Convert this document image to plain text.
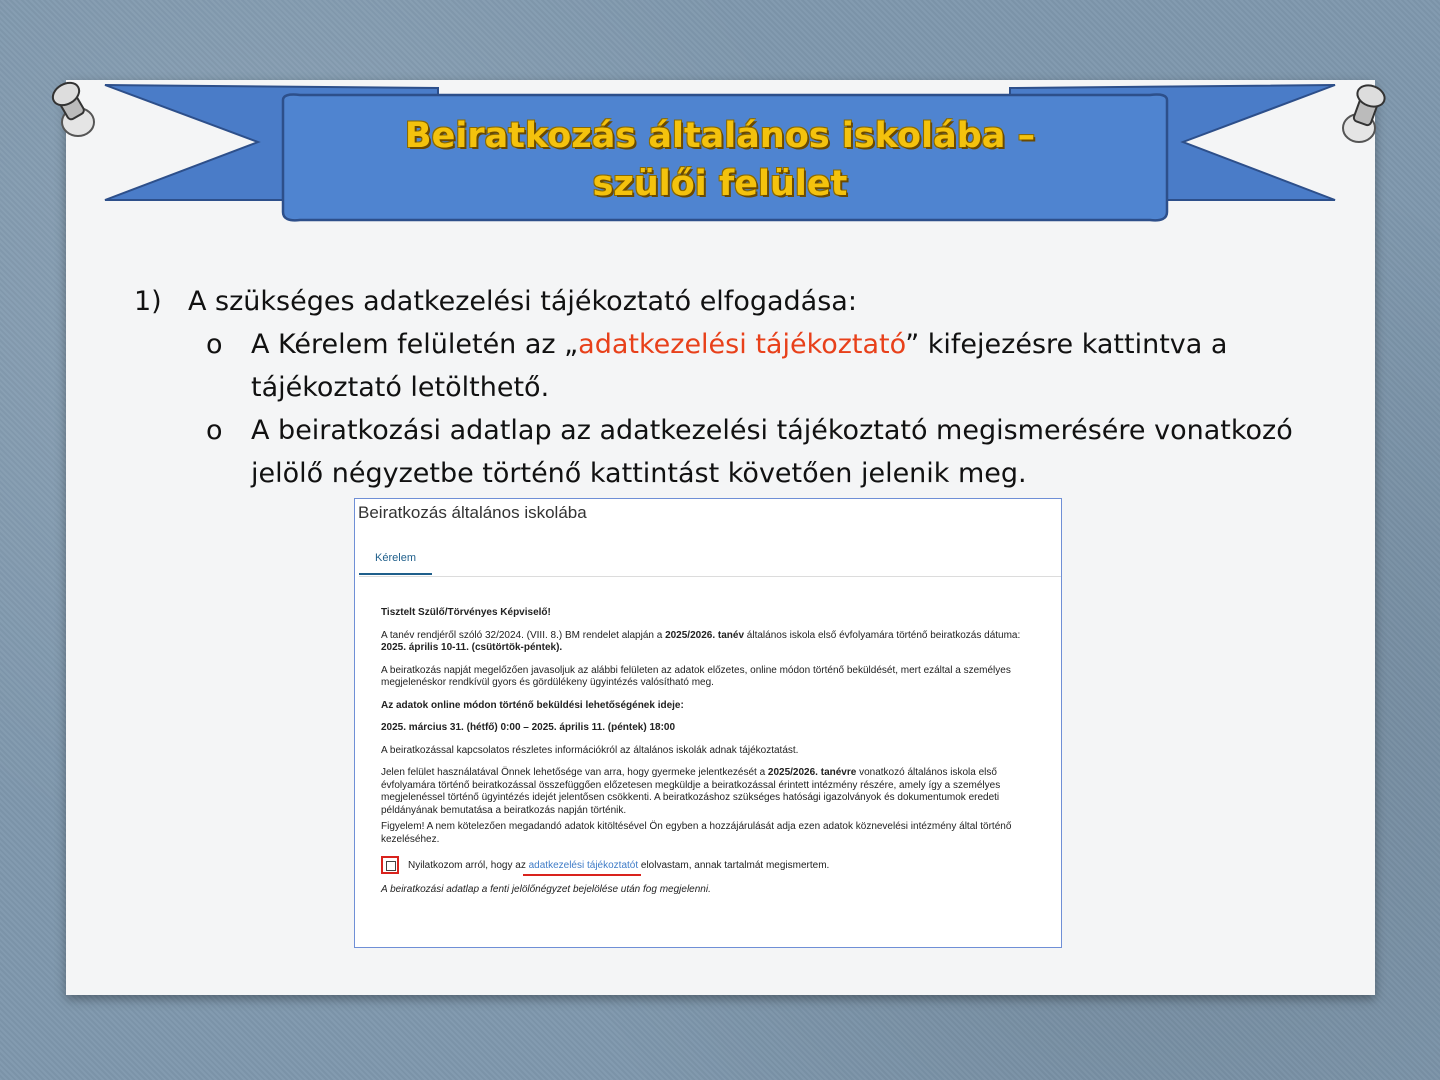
Beiratkozás általános iskolába –
szülői felület
1) A szükséges adatkezelési tájékoztató elfogadása:
o A Kérelem felületén az „adatkezelési tájékoztató” kifejezésre kattintva a tájékoztató letölthető.
o A beiratkozási adatlap az adatkezelési tájékoztató megismerésére vonatkozó jelölő négyzetbe történő kattintást követően jelenik meg.
Beiratkozás általános iskolába
Kérelem

Tisztelt Szülő/Törvényes Képviselő!

A tanév rendjéről szóló 32/2024. (VIII. 8.) BM rendelet alapján a 2025/2026. tanév általános iskola első évfolyamára történő beiratkozás dátuma: 2025. április 10-11. (csütörtök-péntek).

A beiratkozás napját megelőzően javasoljuk az alábbi felületen az adatok előzetes, online módon történő beküldését, mert ezáltal a személyes megjelenéskor rendkívül gyors és gördülékeny ügyintézés valósítható meg.

Az adatok online módon történő beküldési lehetőségének ideje:

2025. március 31. (hétfő) 0:00 – 2025. április 11. (péntek) 18:00

A beiratkozással kapcsolatos részletes információkról az általános iskolák adnak tájékoztatást.

Jelen felület használatával Önnek lehetősége van arra, hogy gyermeke jelentkezését a 2025/2026. tanévre vonatkozó általános iskola első évfolyamára történő beiratkozással összefüggően előzetesen megküldje a beiratkozással érintett intézmény részére, amely így a személyes megjelenéssel történő ügyintézés idejét jelentősen csökkenti. A beiratkozáshoz szükséges hatósági igazolványok és dokumentumok eredeti példányának bemutatása a beiratkozás napján történik.

Figyelem! A nem kötelezően megadandó adatok kitöltésével Ön egyben a hozzájárulását adja ezen adatok köznevelési intézmény által történő kezeléséhez.

Nyilatkozom arról, hogy az adatkezelési tájékoztatót
elolvastam, annak tartalmát megismertem.
A beiratkozási adatlap a fenti jelölőnégyzet bejelölése után fog megjelenni.
